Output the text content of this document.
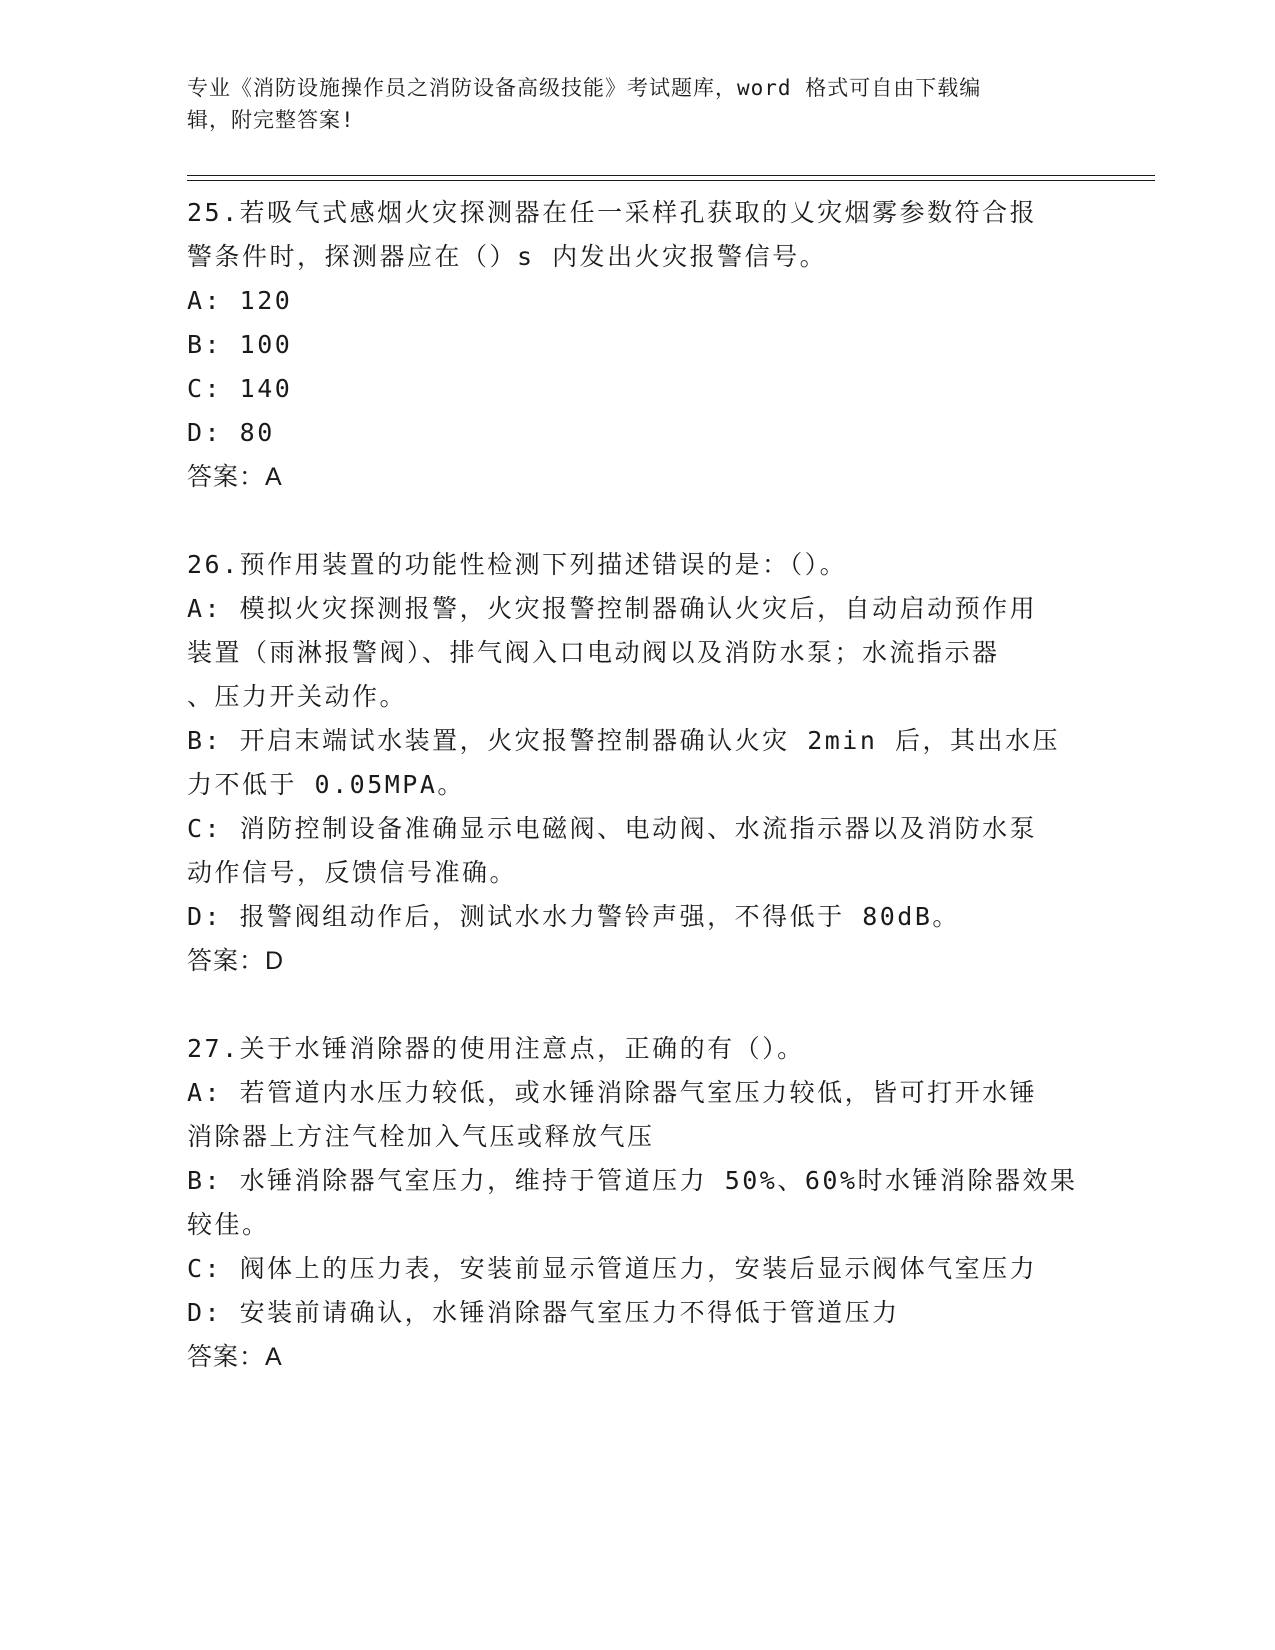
专业《消防设施操作员之消防设备高级技能》考试题库，word 格式可自由下载编
辑，附完整答案!
25.若吸气式感烟火灾探测器在任一采样孔获取的乂灾烟雾参数符合报
警条件时，探测器应在（）s 内发出火灾报警信号。
A: 120
B: 100
C: 140
D: 80
答案：A
26.预作用装置的功能性检测下列描述错误的是：（）。
A: 模拟火灾探测报警，火灾报警控制器确认火灾后，自动启动预作用
装置（雨淋报警阀）、排气阀入口电动阀以及消防水泵；水流指示器
、压力开关动作。
B: 开启末端试水装置，火灾报警控制器确认火灾 2min 后，其出水压
力不低于 0.05MPA。
C: 消防控制设备准确显示电磁阀、电动阀、水流指示器以及消防水泵
动作信号，反馈信号准确。
D: 报警阀组动作后，测试水水力警铃声强，不得低于 80dB。
答案：D
27.关于水锤消除器的使用注意点，正确的有（）。
A: 若管道内水压力较低，或水锤消除器气室压力较低，皆可打开水锤
消除器上方注气栓加入气压或释放气压
B: 水锤消除器气室压力，维持于管道压力 50%、60%时水锤消除器效果
较佳。
C: 阀体上的压力表，安装前显示管道压力，安装后显示阀体气室压力
D: 安装前请确认，水锤消除器气室压力不得低于管道压力
答案：A
